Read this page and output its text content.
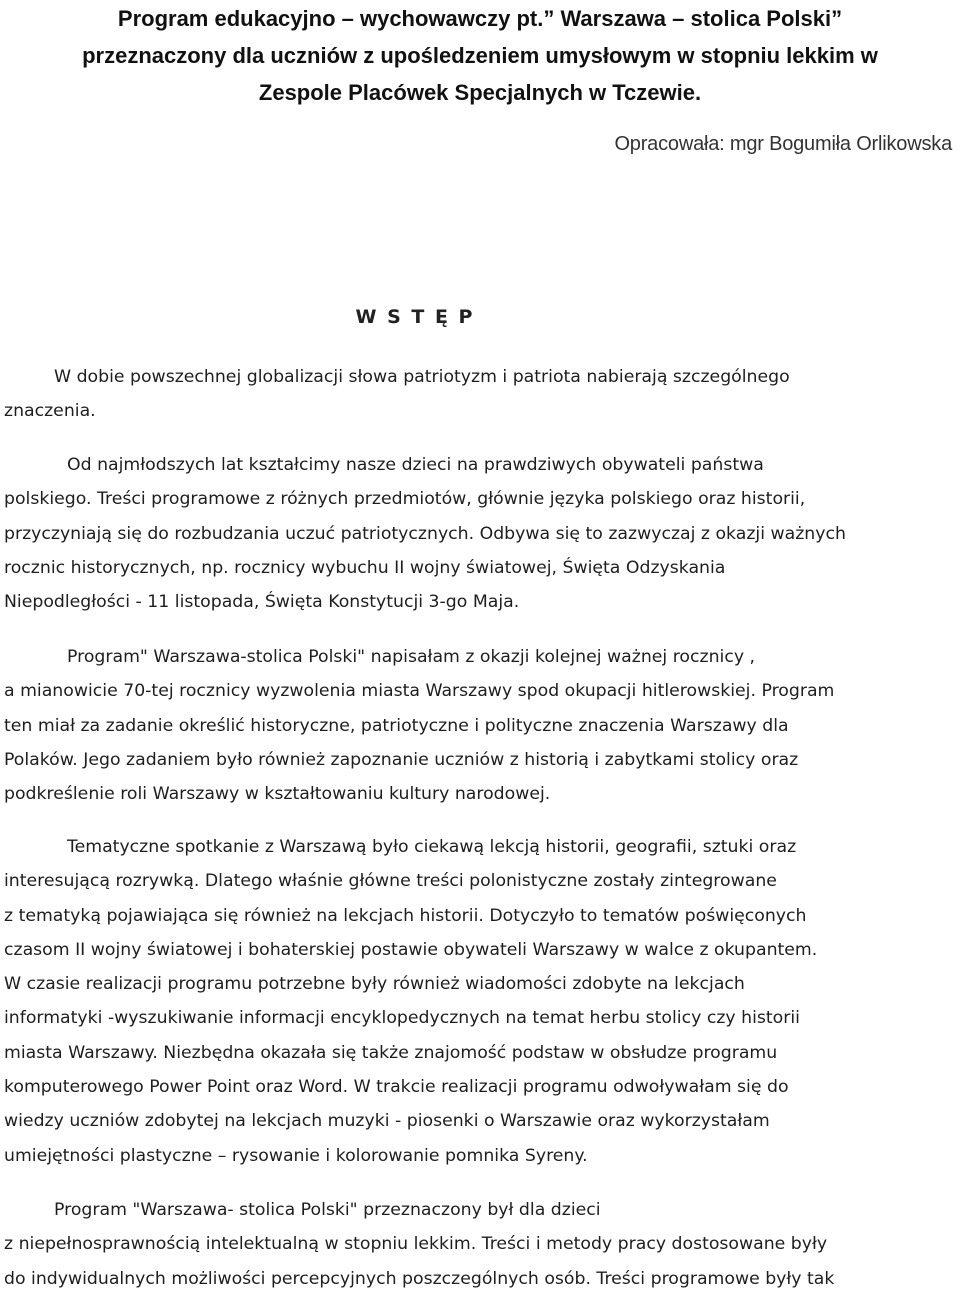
Program edukacyjno – wychowawczy pt.” Warszawa – stolica Polski”
przeznaczony dla uczniów z upośledzeniem umysłowym w stopniu lekkim w
Zespole Placówek Specjalnych w Tczewie.
Opracowała: mgr Bogumiła Orlikowska
W S T Ę P
W dobie powszechnej globalizacji słowa patriotyzm i patriota nabierają szczególnego
znaczenia.
Od najmłodszych lat kształcimy nasze dzieci na prawdziwych obywateli państwa
polskiego. Treści programowe z różnych przedmiotów, głównie języka polskiego oraz historii,
przyczyniają się do rozbudzania uczuć patriotycznych. Odbywa się to zazwyczaj z okazji ważnych
rocznic historycznych, np. rocznicy wybuchu II wojny światowej, Święta Odzyskania
Niepodległości - 11 listopada, Święta Konstytucji 3-go Maja.
Program" Warszawa-stolica Polski" napisałam z okazji kolejnej ważnej rocznicy ,
a mianowicie 70-tej rocznicy wyzwolenia miasta Warszawy spod okupacji hitlerowskiej. Program
ten miał za zadanie określić historyczne, patriotyczne i polityczne znaczenia Warszawy dla
Polaków. Jego zadaniem było również zapoznanie uczniów z historią i zabytkami stolicy oraz
podkreślenie roli Warszawy w kształtowaniu kultury narodowej.
Tematyczne spotkanie z Warszawą było ciekawą lekcją historii, geografii, sztuki oraz
interesującą rozrywką. Dlatego właśnie główne treści polonistyczne zostały zintegrowane
z tematyką pojawiająca się również na lekcjach historii. Dotyczyło to tematów poświęconych
czasom II wojny światowej i bohaterskiej postawie obywateli Warszawy w walce z okupantem.
W czasie realizacji programu potrzebne były również wiadomości zdobyte na lekcjach
informatyki -wyszukiwanie informacji encyklopedycznych na temat herbu stolicy czy historii
miasta Warszawy. Niezbędna okazała się także znajomość podstaw w obsłudze programu
komputerowego Power Point oraz Word. W trakcie realizacji programu odwoływałam się do
wiedzy uczniów zdobytej na lekcjach muzyki - piosenki o Warszawie oraz wykorzystałam
umiejętności plastyczne – rysowanie i kolorowanie pomnika Syreny.
Program "Warszawa- stolica Polski" przeznaczony był dla dzieci
z niepełnosprawnością intelektualną w stopniu lekkim. Treści i metody pracy dostosowane były
do indywidualnych możliwości percepcyjnych poszczególnych osób. Treści programowe były tak
